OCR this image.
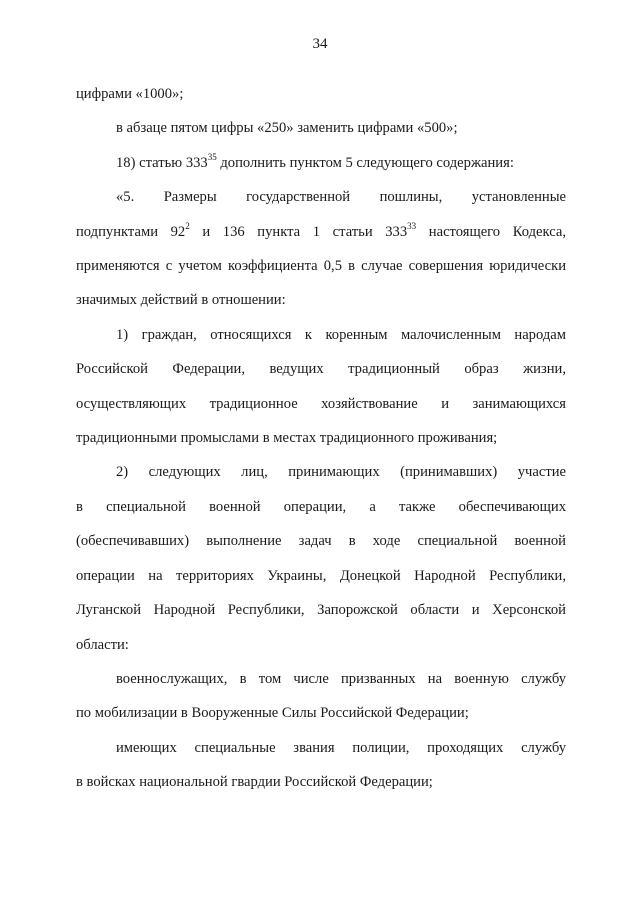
34

цифрами «1000»;

в абзаце пятом цифры «250» заменить цифрами «500»;

18) статью $333^{35}$ дополнить пунктом 5 следующего содержания:

«5. Размеры государственной пошлины, установленные
подпунктами $92^2$ и 136 пункта 1 статьи $333^{33}$ настоящего Кодекса,
применяются с учетом коэффициента 0,5 в случае совершения юридически
значимых действий в отношении:

1) граждан, относящихся к коренным малочисленным народам
Российской Федерации, ведущих традиционный образ жизни,
осуществляющих традиционное хозяйствование и занимающихся
традиционными промыслами в местах традиционного проживания;

2) следующих лиц, принимающих (принимавших) участие
в специальной военной операции, а также обеспечивающих
(обеспечивавших) выполнение задач в ходе специальной военной
операции на территориях Украины, Донецкой Народной Республики,
Луганской Народной Республики, Запорожской области и Херсонской
области:

военнослужащих, в том числе призванных на военную службу
по мобилизации в Вооруженные Силы Российской Федерации;

имеющих специальные звания полиции, проходящих службу
в войсках национальной гвардии Российской Федерации;
